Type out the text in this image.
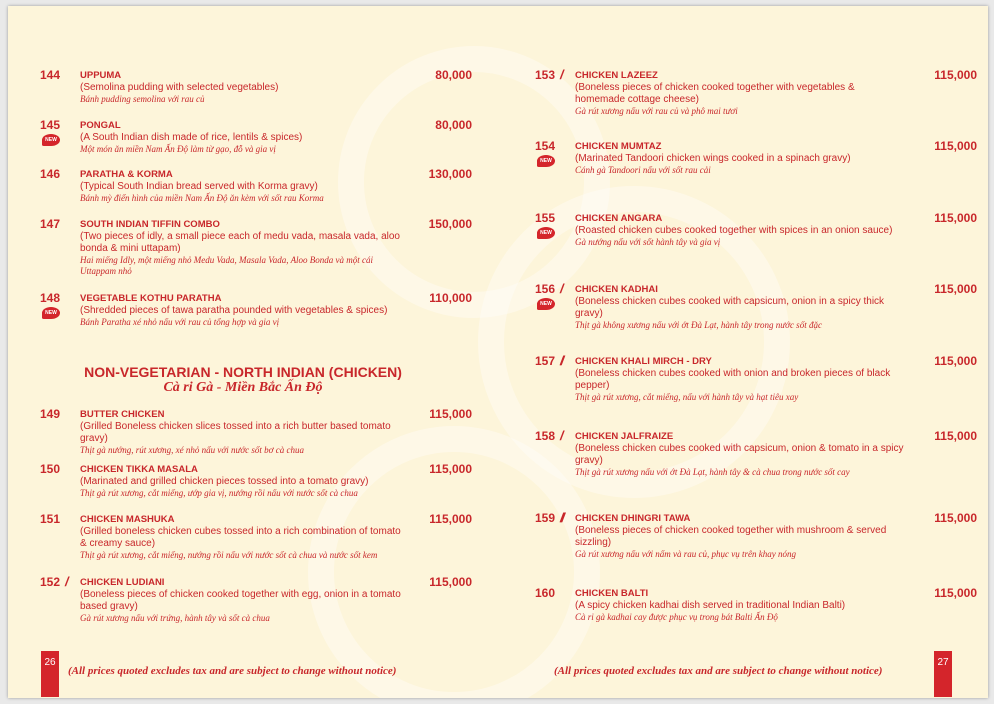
NON-VEGETARIAN - NORTH INDIAN (CHICKEN)
Cà ri Gà - Miền Bắc Ấn Độ
26
(All prices quoted excludes tax and are subject to change without notice)
144 UPPUMA
(Semolina pudding with selected vegetables)
Bánh pudding semolina với rau củ
80,000
145
NEW
PONGAL
(A South Indian dish made of rice, lentils & spices)
Một món ăn miền Nam Ấn Độ làm từ gạo, đỗ và gia vị
80,000
146 PARATHA & KORMA
(Typical South Indian bread served with Korma gravy)
Bánh mỳ điển hình của miền Nam Ấn Độ ăn kèm với sốt rau Korma
130,000
147 SOUTH INDIAN TIFFIN COMBO
(Two pieces of idly, a small piece each of medu vada, masala vada, aloo bonda & mini uttapam)
Hai miếng Idly, một miếng nhỏ Medu Vada, Masala Vada, Aloo Bonda và một cái Uttappam nhỏ
150,000
148
NEW
VEGETABLE KOTHU PARATHA
(Shredded pieces of tawa paratha pounded with vegetables & spices)
Bánh Paratha xé nhỏ nấu với rau củ tổng hợp và gia vị
110,000
149 BUTTER CHICKEN
(Grilled Boneless chicken slices tossed into a rich butter based tomato gravy)
Thịt gà nướng, rút xương, xé nhỏ nấu với nước sốt bơ cà chua
115,000
150 CHICKEN TIKKA MASALA
(Marinated and grilled chicken pieces tossed into a tomato gravy)
Thịt gà rút xương, cắt miếng, ướp gia vị, nướng rồi nấu với nước sốt cà chua
115,000
151 CHICKEN MASHUKA
(Grilled boneless chicken cubes tossed into a rich combination of tomato & creamy sauce)
Thịt gà rút xương, cắt miếng, nướng rồi nấu với nước sốt cà chua và nước sốt kem
115,000
152 / CHICKEN LUDIANI
(Boneless pieces of chicken cooked together with egg, onion in a tomato based gravy)
Gà rút xương nấu với trứng, hành tây và sốt cà chua
115,000
27
(All prices quoted excludes tax and are subject to change without notice)
153 / CHICKEN LAZEEZ
(Boneless pieces of chicken cooked together with vegetables & homemade cottage cheese)
Gà rút xương nấu với rau củ và phô mai tươi
115,000
154
NEW
CHICKEN MUMTAZ
(Marinated Tandoori chicken wings cooked in a spinach gravy)
Cánh gà Tandoori nấu với sốt rau cải
115,000
155
NEW
CHICKEN ANGARA
(Roasted chicken cubes cooked together with spices in an onion sauce)
Gà nướng nấu với sốt hành tây và gia vị
115,000
156 /
NEW
CHICKEN KADHAI
(Boneless chicken cubes cooked with capsicum, onion in a spicy thick gravy)
Thịt gà không xương nấu với ớt Đà Lạt, hành tây trong nước sốt đặc
115,000
157 // CHICKEN KHALI MIRCH - DRY
(Boneless chicken cubes cooked with onion and broken pieces of black pepper)
Thịt gà rút xương, cắt miếng, nấu với hành tây và hạt tiêu xay
115,000
158 / CHICKEN JALFRAIZE
(Boneless chicken cubes cooked with capsicum, onion & tomato in a spicy gravy)
Thịt gà rút xương nấu với ớt Đà Lạt, hành tây & cà chua trong nước sốt cay
115,000
159 /// CHICKEN DHINGRI TAWA
(Boneless pieces of chicken cooked together with mushroom & served sizzling)
Gà rút xương nấu với nấm và rau củ, phục vụ trên khay nóng
115,000
160 CHICKEN BALTI
(A spicy chicken kadhai dish served in traditional Indian Balti)
Cà ri gà kadhai cay được phục vụ trong bát Balti Ấn Độ
115,000
